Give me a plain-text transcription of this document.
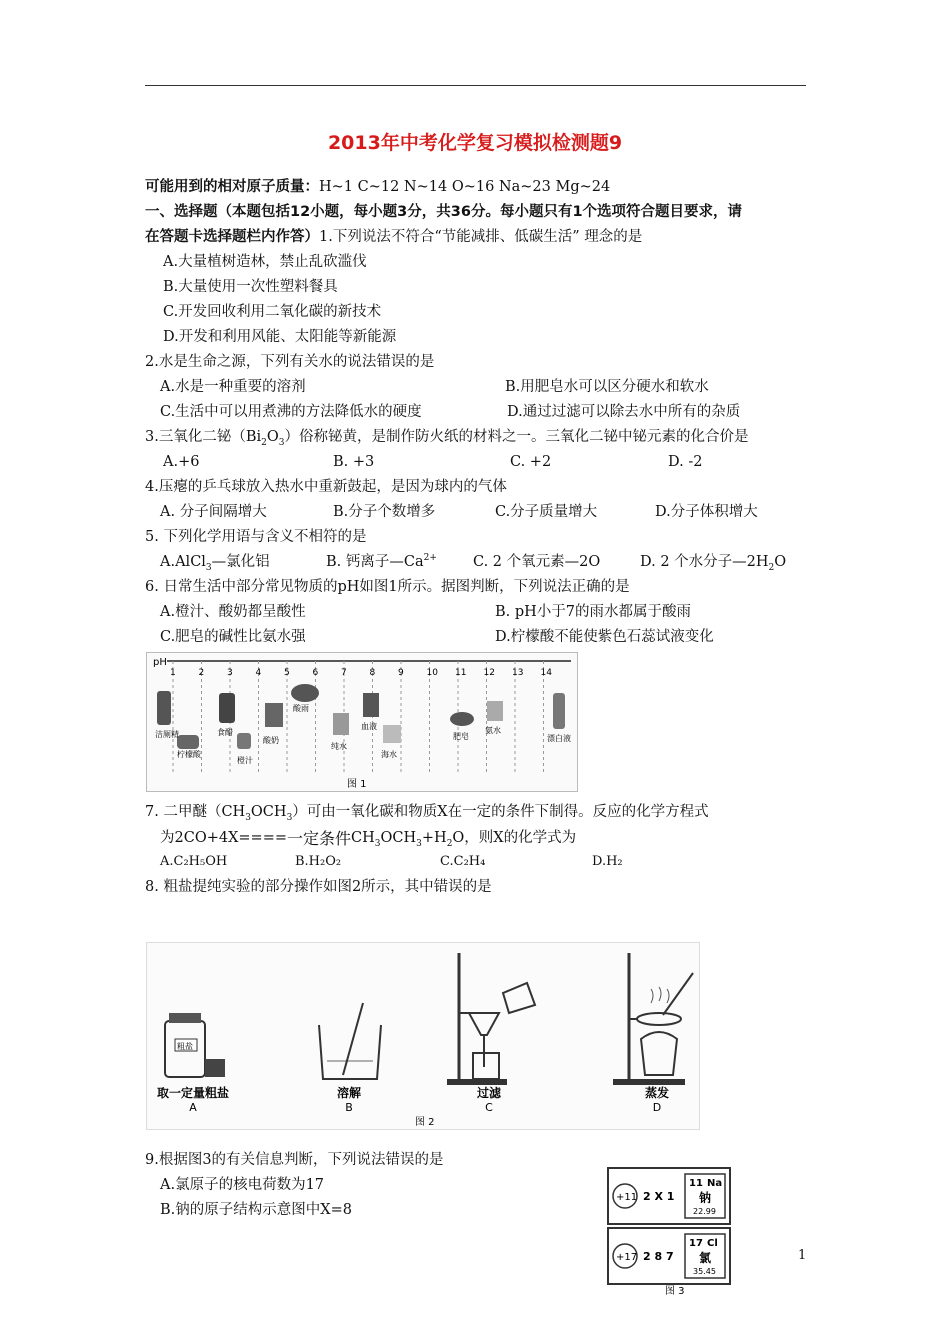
2013年中考化学复习模拟检测题9
可能用到的相对原子质量：H~1 C~12 N~14 O~16 Na~23 Mg~24
一、选择题（本题包括12小题，每小题3分，共36分。每小题只有1个选项符合题目要求，请
在答题卡选择题栏内作答）1.下列说法不符合“节能减排、低碳生活” 理念的是
A.大量植树造林，禁止乱砍滥伐
B.大量使用一次性塑料餐具
C.开发回收利用二氧化碳的新技术
D.开发和利用风能、太阳能等新能源
2.水是生命之源，下列有关水的说法错误的是
A.水是一种重要的溶剂	B.用肥皂水可以区分硬水和软水
C.生活中可以用煮沸的方法降低水的硬度	D.通过过滤可以除去水中所有的杂质
3.三氧化二铋$(Bi_2O_3)$俗称铋黄，是制作防火纸的材料之一。三氧化二铋中铋元素的化合价是
A.+6	B. +3	C. +2	D. -2
4.压瘪的乒乓球放入热水中重新鼓起，是因为球内的气体
A. 分子间隔增大	B.分子个数增多	C.分子质量增大	D.分子体积增大
5. 下列化学用语与含义不相符的是
A.AlCl$_3$—氯化铝	B. 钙离子$—Ca^{2+}$ C. 2 个氧元素—2O	D. 2 个水分子$—2H_2O$
6. 日常生活中部分常见物质的pH如图1所示。据图判断，下列说法正确的是
A.橙汁、酸奶都呈酸性	B. pH小于7的雨水都属于酸雨
C.肥皂的碱性比氨水强	D.柠檬酸不能使紫色石蕊试液变化
pH
1	2	3	4	5	6	7	8	9	10 11 12 13 14
洁厕精
柠檬酸
食醋
橙汁
酸奶
酸雨
纯水
血液
海水
肥皂
氨水
漂白液
图 1
7. 二甲醚$(CH_3OCH_3)$可由一氧化碳和物质X在一定的条件下制得。反应的化学方程式
为2CO+4X====一定条件$CH_3OCH_3+H_2O$，则X的化学式为
A.C₂H₅OH	B.H₂O₂	C.C₂H₄	D.H₂
8. 粗盐提纯实验的部分操作如图2所示，其中错误的是
粗盐
取一定量粗盐
A
溶解
B
过滤
C
蒸发
D
图 2
9.根据图3的有关信息判断，下列说法错误的是
A.氯原子的核电荷数为17
B.钠的原子结构示意图中X=8
+11 2 X 1
11 Na
钠
22.99
+17 2 8 7
17 Cl
氯
35.45
图 3
1
